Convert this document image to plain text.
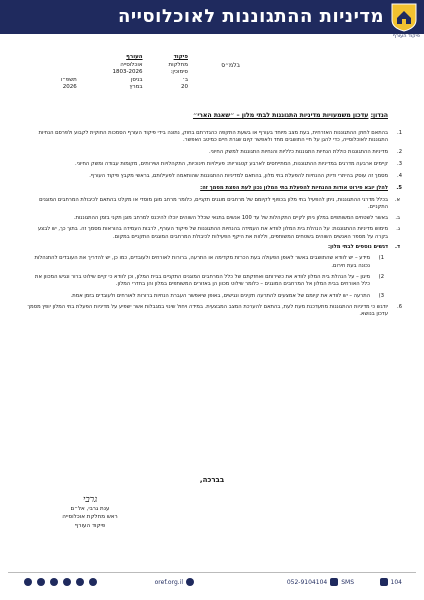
מדיניות ההתגוננות לאוכלוסייה
פיקוד העורף
בלמ״ס
פיקוד	העורף	
מחלקות	אוכלוסייה	
סימוכין:	1803-2026	
ב׳	בניסן	תשפ״ו
20	במרץ	2026
הנדון: עדכון משמעויות מדיניות התגוננות לבתי מלון – ״שאגת הארי״
1.
בהתאם לחוק ההתגוננות האזרחית, בעת מצב מיוחד בעורף או בשעת התקפה כהגדרתם בחוק, נתונה בידי פיקוד העורף הסמכות החוקית לקבוע ולפרסם הנחיות התגוננות לאוכלוסייה, כדי להגן על חיי התושבים מחד ולאפשר קיום שגרת חיים כמיטב האפשר.
2.
מדיניות ההתגוננות כוללת הנחיות התגוננות כלליות והנחיות התגוננות למשק החיוני.
3.
קיימים ארבעה מדרגים במדיניות ההתגוננות, המתייחסים לארבע קטגוריות: פעילויות חינוכיות, התקהלויות ושירותים, מקומות עבודה ומשק החיוני.
4.
מסמך זה עוסק בהיתרי ודיוק ההנחיות להפעלת בתי מלון, בהתאם למדיניות ההתגוננות שהותאמה לפעילותם, בראשי מקבץ פיקוד העורף.
5.
להלן יובא פירוט אודות ההנחיות להפעלת בתי המלון נכון לעת הפצת מסמך זה:
א.
בכלל מדרגי ההתגוננות, ניתן להפעיל בתי מלון בכפוף לקיומם של מרחבים מוגנים תקניים, כלומר מרחב מוגן מוסדי או מקלט בהתאם לכיבולת המרחבים המוגנים התקניים.
ב.
באשר לשטחים המשותפים במלון ניתן לקיים התקהלות של עד 100 אנשים בתנאי שכלל השוהים יוכלו להיכנס למרחב מוגן תקני בזמן ההתגוננות.
ג.
מימוש מדיניות ההתגוננות: על הנהלת בית המלון לוודא את העמידה בהנחיות ההתגוננות של פיקוד העורף, לרבות העמידה בהוראות מסמך זה. בתוך כך, יש לבצע בקרה על מספר האנשים השוהים בשטחים המשותפים, וללוות את היקף הפעילות לכיבולת המרחבים המוגנים התקניים במקום.
ד.
דגשים נוספים לבתי מלון:
1)
מידע – יש לוודא שהתושבים באשר לאופן הפעולה בעת הכרזת מקדימה או התרעה, ברורות לאורחים ולעובדים, כמו כן, יש להדריך את העובדים להתנהלות נכונה בעת חירום.
2)
מיגון – על הנהלת בית המלון לוודא את כשירותם ואחזקתם של כלל המרחבים המוגנים התקניים בבית המלון, וכן לוודא כי קיים שילוט ברור ונגיש המכוון את כלל האורחים בבית המלון אל המרחבים המוגנים – כלומר שילוט מכוון הן באזורים המשותפים במלון והן בחדרי המלון.
3)
התרעה – יש לוודא את קיומם של אמצעים להתרעה תקינים ונגישים, באופן שיאפשר העברת הנחיות ברורות לאורחים ולעובדים בזמן אמת.
6.
יודגש כי מדיניות ההתגוננות מתעדכנת מעת לעת, בהתאם להערכת המצב המבצעית. במידה ויחול שינוי במגבלות אשר ישפיע על מדיניות הפעלת בתי המלון יופץ מסמך עדכון בנושא.
בברכה,
גרבי
ענת גרבי, אל״ם
ראש מחלקת אוכלוסייה
פיקוד העורף
104
052-9104104 SMS
oref.org.il
